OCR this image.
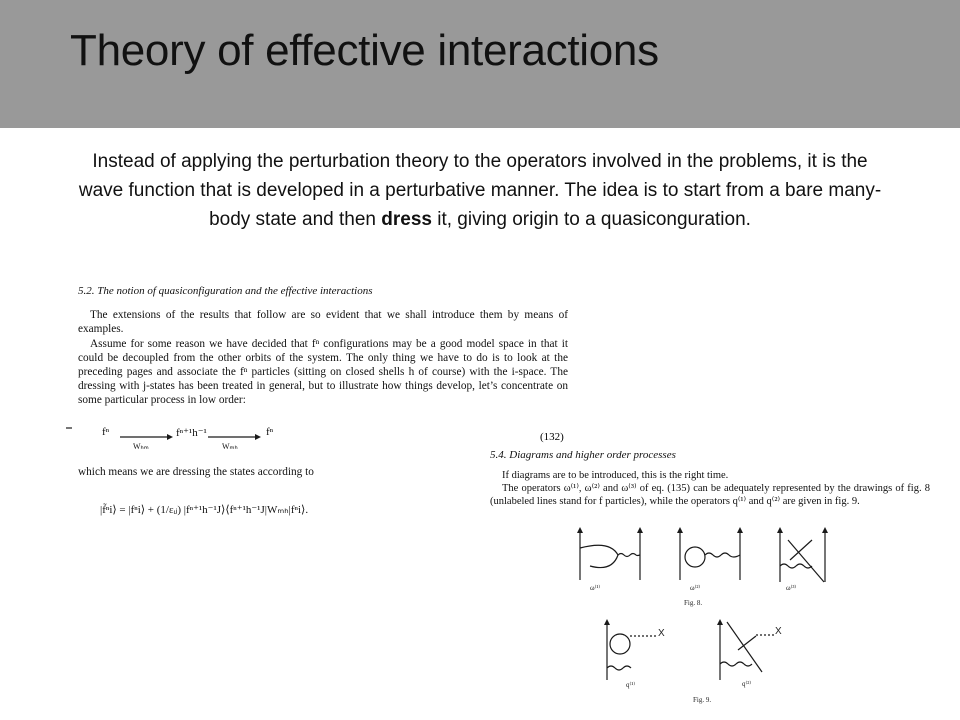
Theory of effective interactions
Instead of applying the perturbation theory to the operators involved in the problems, it is the wave function that is developed in a perturbative manner. The idea is to start from a bare many-body state and then dress it, giving origin to a quasiconguration.
5.2. The notion of quasiconfiguration and the effective interactions
The extensions of the results that follow are so evident that we shall introduce them by means of examples.
Assume for some reason we have decided that fⁿ configurations may be a good model space in that it could be decoupled from the other orbits of the system. The only thing we have to do is to look at the preceding pages and associate the fⁿ particles (sitting on closed shells h of course) with the i-space. The dressing with j-states has been treated in general, but to illustrate how things develop, let’s concentrate on some particular process in low order:
fⁿ	fⁿ⁺¹h⁻¹	fⁿ
Wₕₘ	Wₘₕ
which means we are dressing the states according to
|f̃ⁿi⟩ = |fⁿi⟩ + (1/εᵢⱼ) |fⁿ⁺¹h⁻¹J⟩⟨fⁿ⁺¹h⁻¹J|Wₘₕ|fⁿi⟩.
(132)
5.4. Diagrams and higher order processes
If diagrams are to be introduced, this is the right time.
The operators ω⁽¹⁾, ω⁽²⁾ and ω⁽³⁾ of eq. (135) can be adequately represented by the drawings of fig. 8 (unlabeled lines stand for f particles), while the operators q⁽¹⁾ and q⁽²⁾ are given in fig. 9.
ω⁽¹⁾	ω⁽²⁾	ω⁽³⁾
Fig. 8.
q⁽¹⁾	q⁽²⁾
Fig. 9.
X	X
